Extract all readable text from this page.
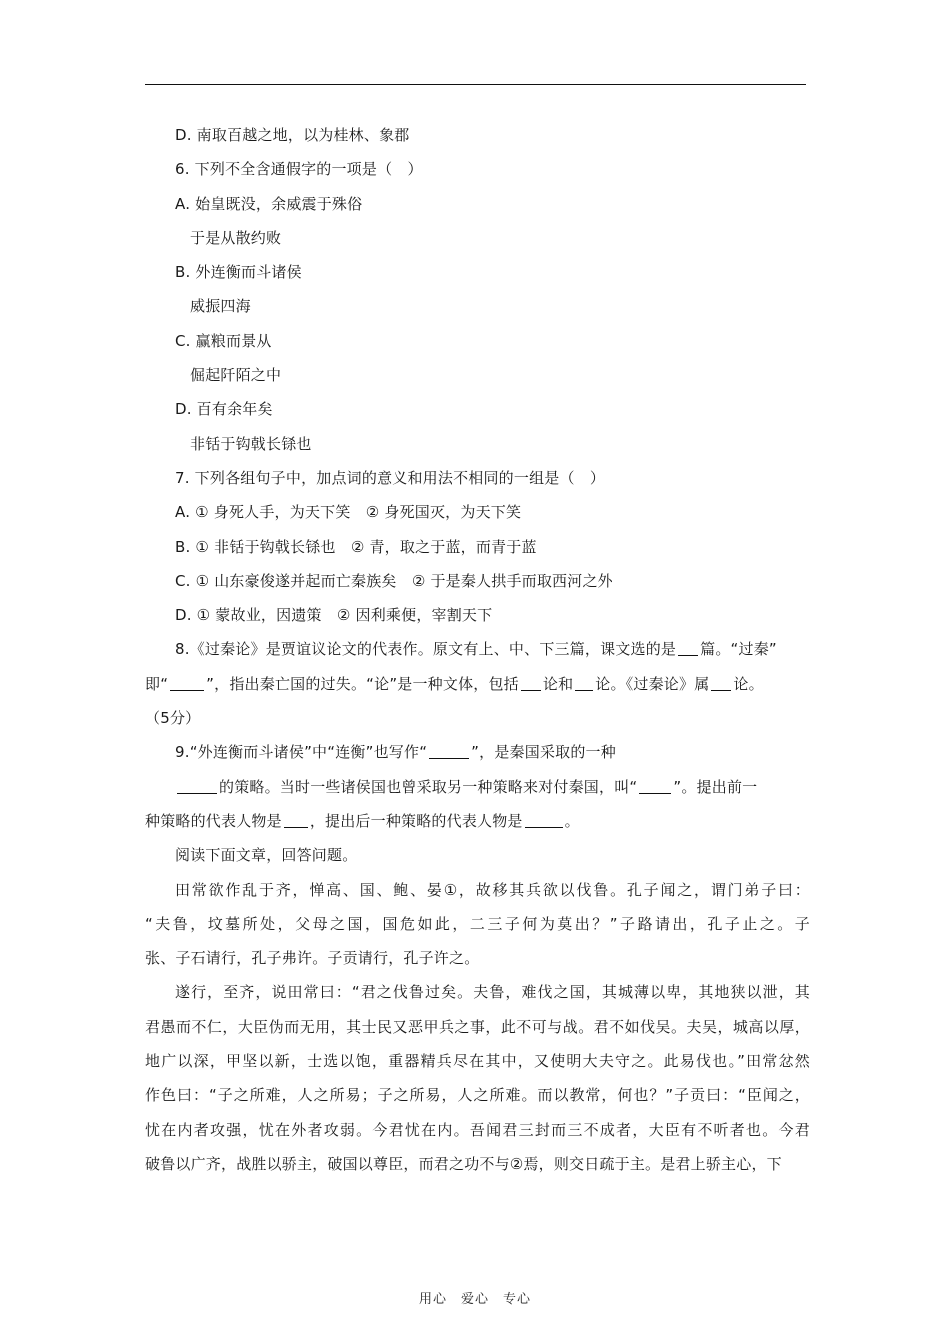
D. 南取百越之地，以为桂林、象郡
6. 下列不全含通假字的一项是（　）
A. 始皇既没，余威震于殊俗
于是从散约败
B. 外连衡而斗诸侯
威振四海
C. 赢粮而景从
倔起阡陌之中
D. 百有余年矣
非铦于钩戟长铩也
7. 下列各组句子中，加点词的意义和用法不相同的一组是（　）
A. ① 身死人手，为天下笑　② 身死国灭，为天下笑
B. ① 非铦于钩戟长铩也　② 青，取之于蓝，而青于蓝
C. ① 山东豪俊遂并起而亡秦族矣　② 于是秦人拱手而取西河之外
D. ① 蒙故业，因遗策　② 因利乘便，宰割天下
8.《过秦论》是贾谊议论文的代表作。原文有上、中、下三篇，课文选的是 篇。“过秦”
即“	”，指出秦亡国的过失。“论”是一种文体，包括 论和 论。《过秦论》属 论。
（5分）
9.“外连衡而斗诸侯”中“连衡”也写作“	”，是秦国采取的一种
的策略。当时一些诸侯国也曾采取另一种策略来对付秦国，叫“ ”。提出前一
种策略的代表人物是 ，提出后一种策略的代表人物是	。
阅读下面文章，回答问题。
田常欲作乱于齐，惮高、国、鲍、晏①，故移其兵欲以伐鲁。孔子闻之，谓门弟子曰：
“夫鲁，坟墓所处，父母之国，国危如此，二三子何为莫出？”子路请出，孔子止之。子
张、子石请行，孔子弗许。子贡请行，孔子许之。
遂行，至齐，说田常曰：“君之伐鲁过矣。夫鲁，难伐之国，其城薄以卑，其地狭以泄，其
君愚而不仁，大臣伪而无用，其士民又恶甲兵之事，此不可与战。君不如伐吴。夫吴，城高以厚，
地广以深，甲坚以新，士选以饱，重器精兵尽在其中，又使明大夫守之。此易伐也。”田常忿然
作色曰：“子之所难，人之所易；子之所易，人之所难。而以教常，何也？”子贡曰：“臣闻之，
忧在内者攻强，忧在外者攻弱。今君忧在内。吾闻君三封而三不成者，大臣有不听者也。今君
破鲁以广齐，战胜以骄主，破国以尊臣，而君之功不与②焉，则交日疏于主。是君上骄主心，下
用心　爱心　专心
